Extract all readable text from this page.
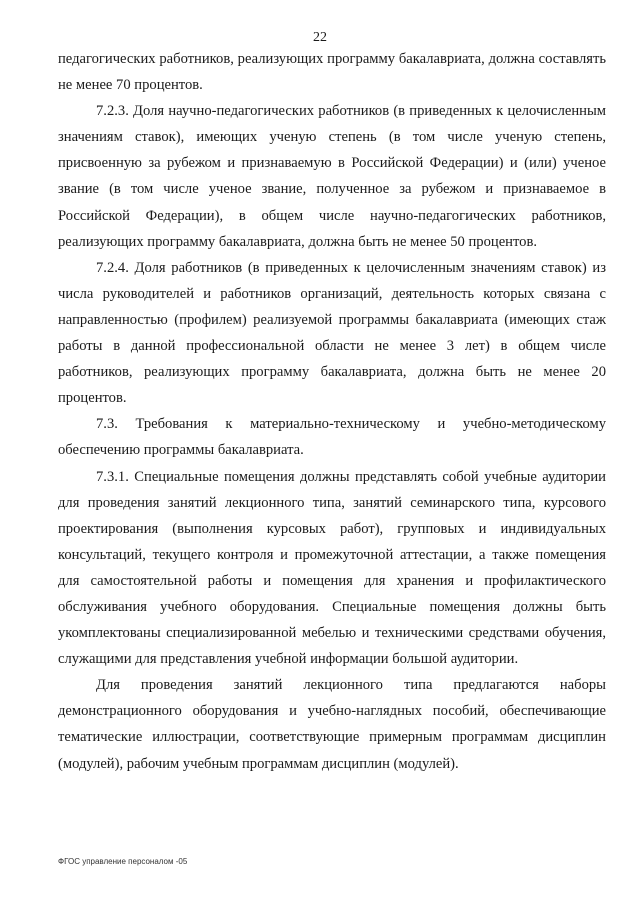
22

педагогических работников, реализующих программу бакалавриата, должна составлять не менее 70 процентов.

7.2.3. Доля научно-педагогических работников (в приведенных к целочисленным значениям ставок), имеющих ученую степень (в том числе ученую степень, присвоенную за рубежом и признаваемую в Российской Федерации) и (или) ученое звание (в том числе ученое звание, полученное за рубежом и признаваемое в Российской Федерации), в общем числе научно-педагогических работников, реализующих программу бакалавриата, должна быть не менее 50 процентов.

7.2.4. Доля работников (в приведенных к целочисленным значениям ставок) из числа руководителей и работников организаций, деятельность которых связана с направленностью (профилем) реализуемой программы бакалавриата (имеющих стаж работы в данной профессиональной области не менее 3 лет) в общем числе работников, реализующих программу бакалавриата, должна быть не менее 20 процентов.

7.3. Требования к материально-техническому и учебно-методическому обеспечению программы бакалавриата.

7.3.1. Специальные помещения должны представлять собой учебные аудитории для проведения занятий лекционного типа, занятий семинарского типа, курсового проектирования (выполнения курсовых работ), групповых и индивидуальных консультаций, текущего контроля и промежуточной аттестации, а также помещения для самостоятельной работы и помещения для хранения и профилактического обслуживания учебного оборудования. Специальные помещения должны быть укомплектованы специализированной мебелью и техническими средствами обучения, служащими для представления учебной информации большой аудитории.

Для проведения занятий лекционного типа предлагаются наборы демонстрационного оборудования и учебно-наглядных пособий, обеспечивающие тематические иллюстрации, соответствующие примерным программам дисциплин (модулей), рабочим учебным программам дисциплин (модулей).

ФГОС управление персоналом -05
